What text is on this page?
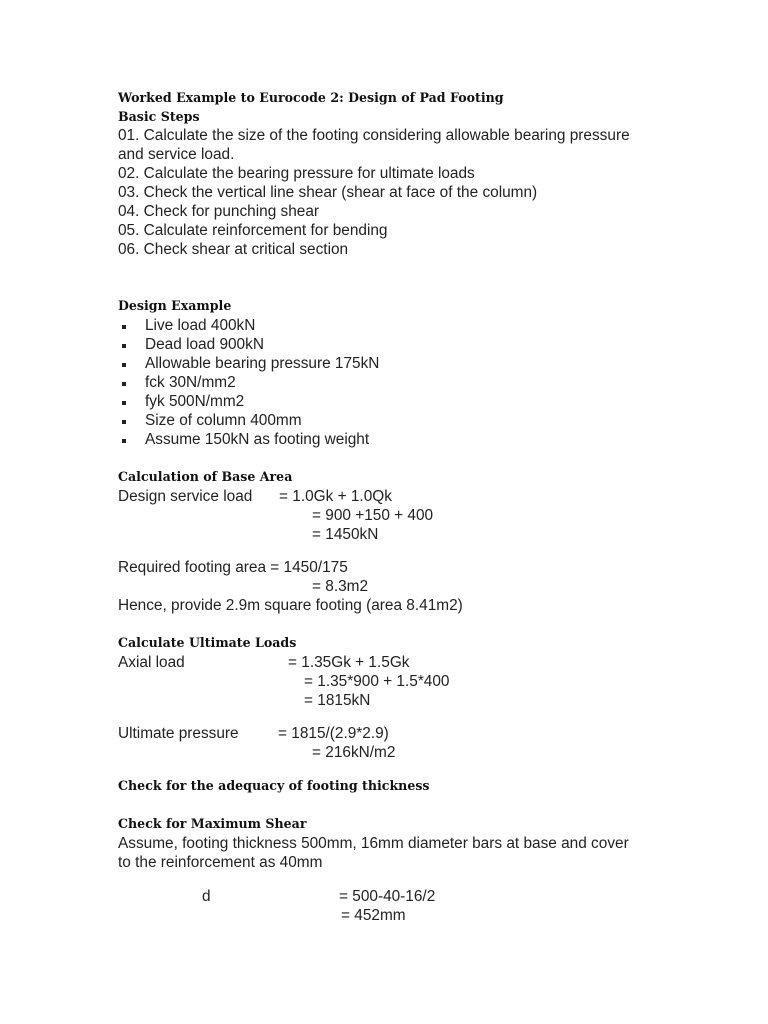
Worked Example to Eurocode 2: Design of Pad Footing
Basic Steps
01. Calculate the size of the footing considering allowable bearing pressure
and service load.
02. Calculate the bearing pressure for ultimate loads
03. Check the vertical line shear (shear at face of the column)
04. Check for punching shear
05. Calculate reinforcement for bending
06. Check shear at critical section
Design Example
Live load 400kN
Dead load 900kN
Allowable bearing pressure 175kN
fck 30N/mm2
fyk 500N/mm2
Size of column 400mm
Assume 150kN as footing weight
Calculation of Base Area
Design service load = 1.0Gk + 1.0Qk
= 900 +150 + 400
= 1450kN
Required footing area = 1450/175
= 8.3m2
Hence, provide 2.9m square footing (area 8.41m2)
Calculate Ultimate Loads
Axial load	= 1.35Gk + 1.5Gk
= 1.35*900 + 1.5*400
= 1815kN
Ultimate pressure	= 1815/(2.9*2.9)
= 216kN/m2
Check for the adequacy of footing thickness
Check for Maximum Shear
Assume, footing thickness 500mm, 16mm diameter bars at base and cover
to the reinforcement as 40mm
d	= 500-40-16/2
= 452mm
